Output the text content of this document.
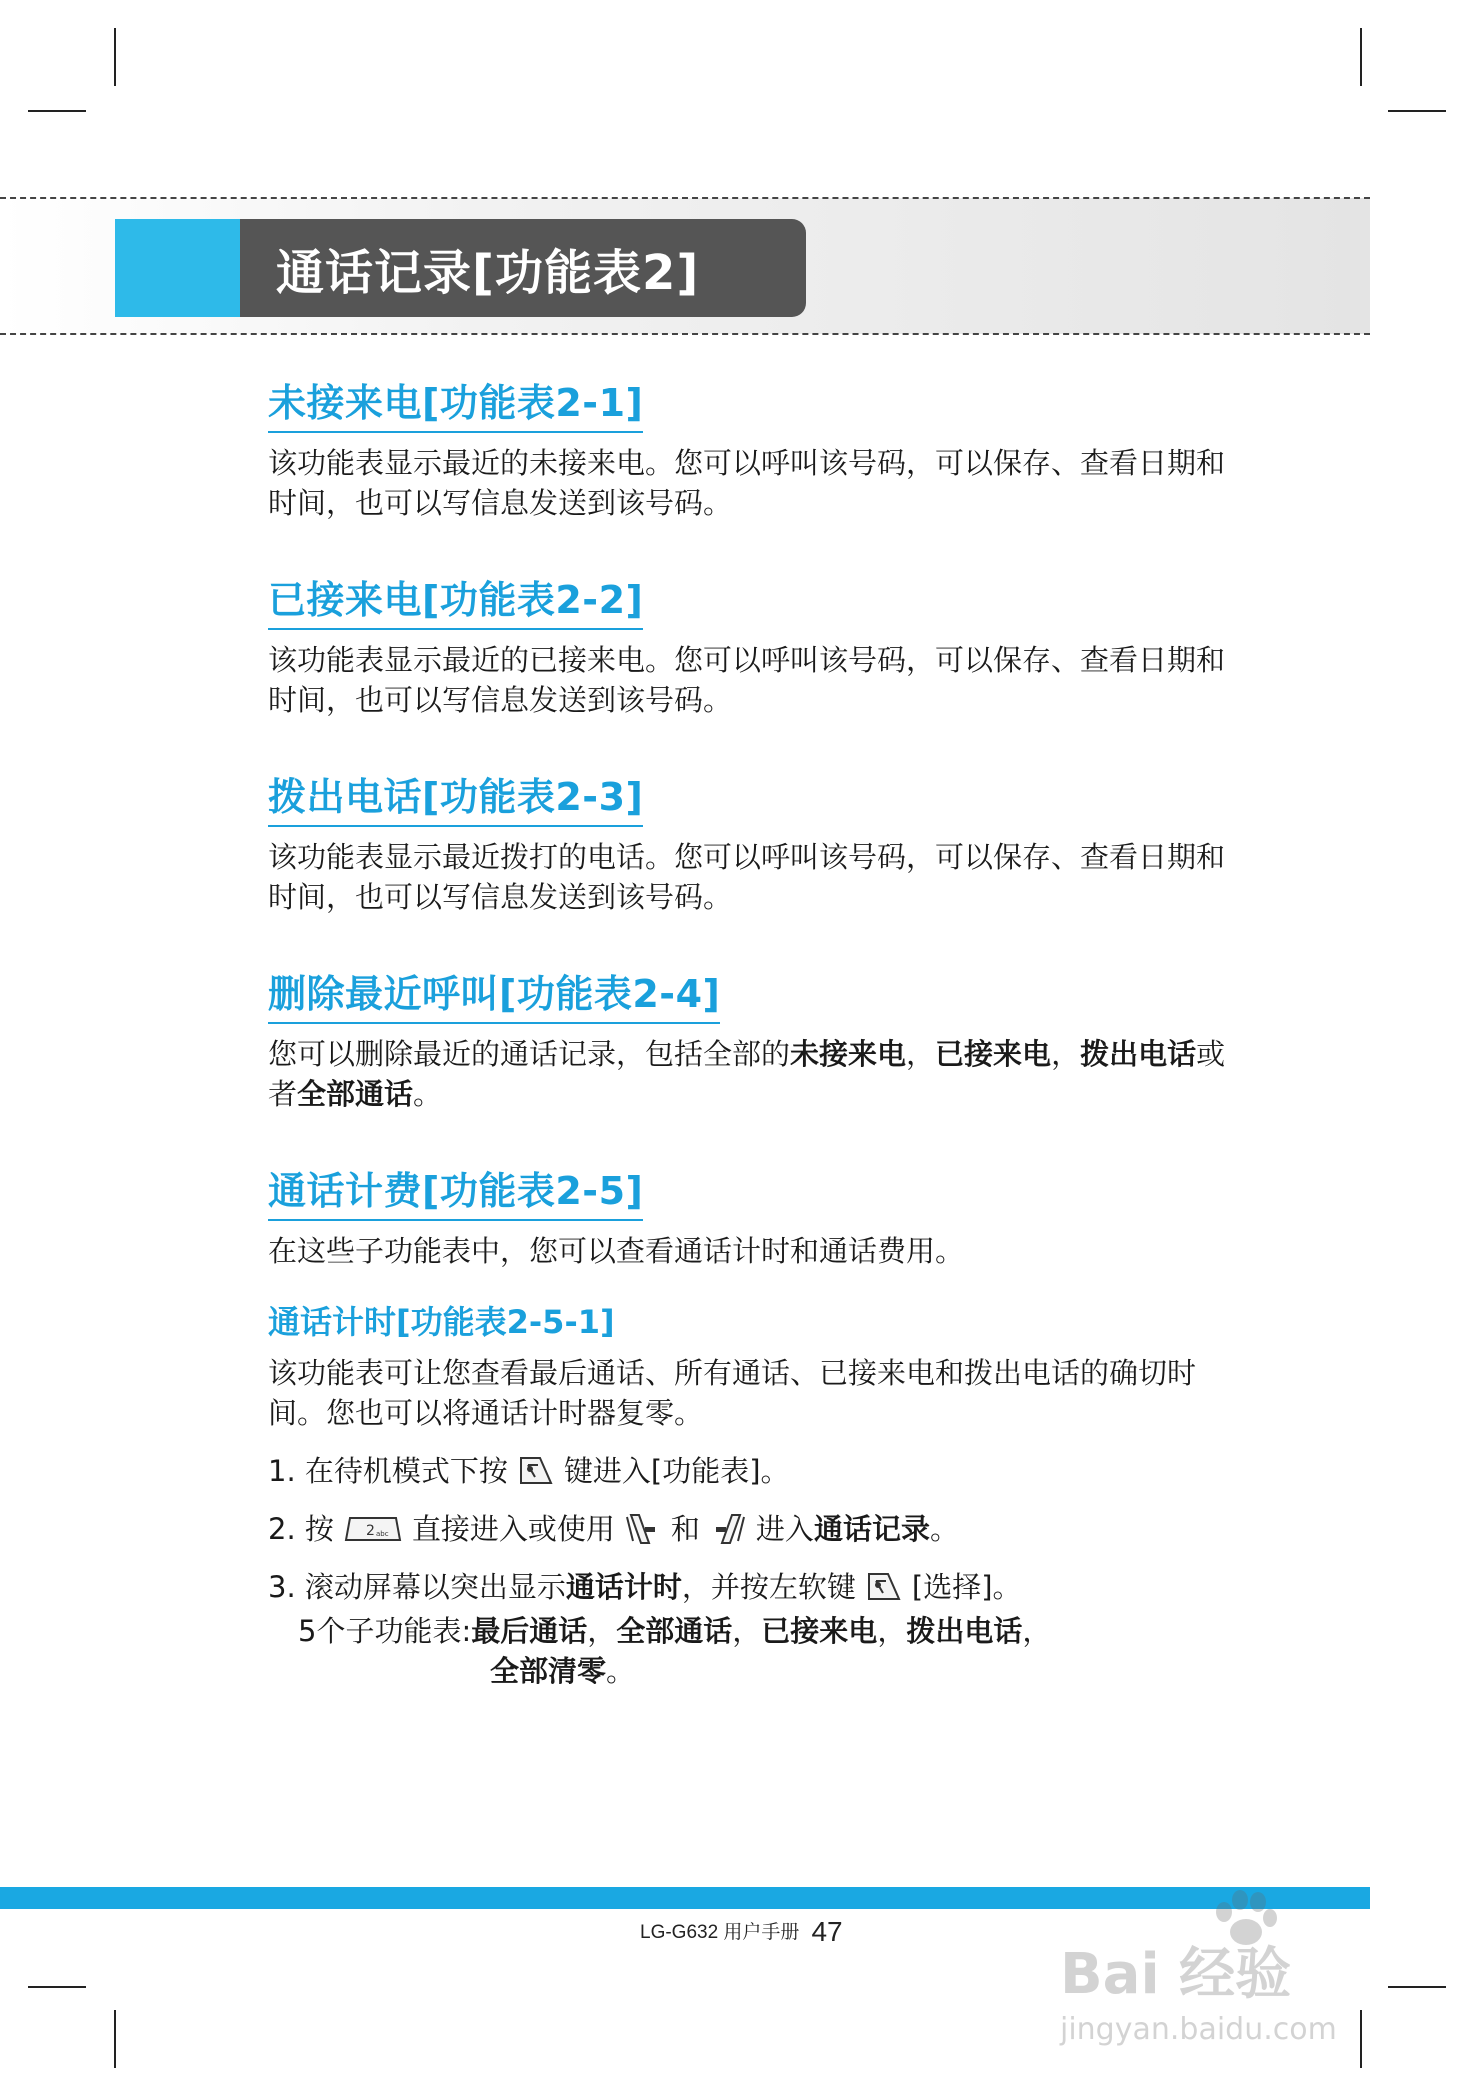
通话记录[功能表2]
未接来电[功能表2-1]

该功能表显示最近的未接来电。您可以呼叫该号码，可以保存、查看日期和时间，也可以写信息发送到该号码。

已接来电[功能表2-2]

该功能表显示最近的已接来电。您可以呼叫该号码，可以保存、查看日期和时间，也可以写信息发送到该号码。

拨出电话[功能表2-3]

该功能表显示最近拨打的电话。您可以呼叫该号码，可以保存、查看日期和时间，也可以写信息发送到该号码。

删除最近呼叫[功能表2-4]

您可以删除最近的通话记录，包括全部的未接来电，已接来电，拨出电话或者全部通话。

通话计费[功能表2-5]

在这些子功能表中，您可以查看通话计时和通话费用。

通话计时[功能表2-5-1]

该功能表可让您查看最后通话、所有通话、已接来电和拨出电话的确切时间。您也可以将通话计时器复零。

1. 在待机模式下按 键进入[功能表]。
2. 按 2 abc 直接进入或使用 和 进入 通话记录 。
3. 滚动屏幕以突出显示 通话计时 ，并按左软键 [选择]。

5个子功能表:最后通话，全部通话，已接来电，拨出电话，

全部清零。

LG-G632 用户手册 47
Bai 经验
jingyan.baidu.com
